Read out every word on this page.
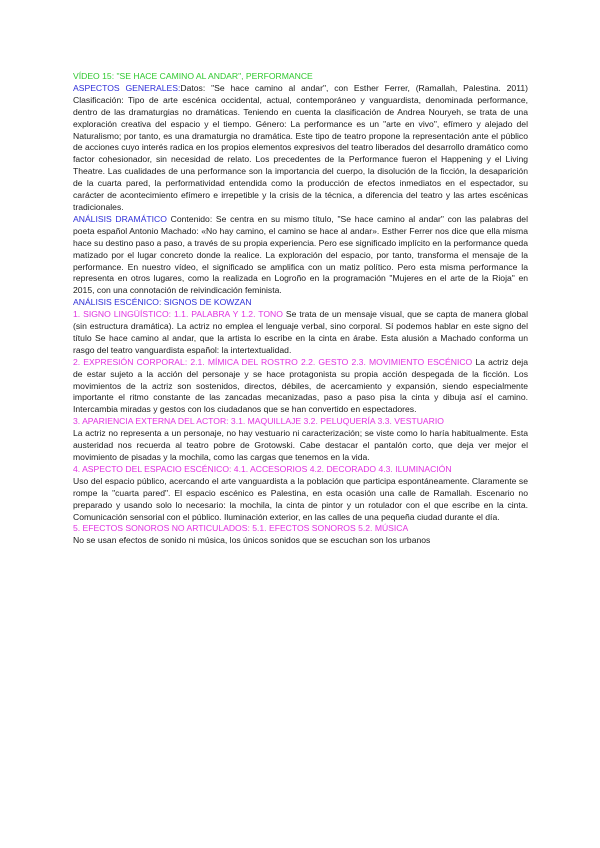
VÍDEO 15: "SE HACE CAMINO AL ANDAR", PERFORMANCE

ASPECTOS GENERALES:Datos: "Se hace camino al andar", con Esther Ferrer, (Ramallah, Palestina. 2011) Clasificación: Tipo de arte escénica occidental, actual, contemporáneo y vanguardista, denominada performance, dentro de las dramaturgias no dramáticas. Teniendo en cuenta la clasificación de Andrea Nouryeh, se trata de una exploración creativa del espacio y el tiempo. Género: La performance es un "arte en vivo", efímero y alejado del Naturalismo; por tanto, es una dramaturgia no dramática. Este tipo de teatro propone la representación ante el público de acciones cuyo interés radica en los propios elementos expresivos del teatro liberados del desarrollo dramático como factor cohesionador, sin necesidad de relato. Los precedentes de la Performance fueron el Happening y el Living Theatre. Las cualidades de una performance son la importancia del cuerpo, la disolución de la ficción, la desaparición de la cuarta pared, la performatividad entendida como la producción de efectos inmediatos en el espectador, su carácter de acontecimiento efímero e irrepetible y la crisis de la técnica, a diferencia del teatro y las artes escénicas tradicionales.

ANÁLISIS DRAMÁTICO Contenido: Se centra en su mismo título, "Se hace camino al andar" con las palabras del poeta español Antonio Machado: «No hay camino, el camino se hace al andar». Esther Ferrer nos dice que ella misma hace su destino paso a paso, a través de su propia experiencia. Pero ese significado implícito en la performance queda matizado por el lugar concreto donde la realice. La exploración del espacio, por tanto, transforma el mensaje de la performance. En nuestro vídeo, el significado se amplifica con un matiz político. Pero esta misma performance la representa en otros lugares, como la realizada en Logroño en la programación "Mujeres en el arte de la Rioja" en 2015, con una connotación de reivindicación feminista.

ANÁLISIS ESCÉNICO: SIGNOS DE KOWZAN

1. SIGNO LINGÜÍSTICO: 1.1. PALABRA Y 1.2. TONO Se trata de un mensaje visual, que se capta de manera global (sin estructura dramática). La actriz no emplea el lenguaje verbal, sino corporal. Sí podemos hablar en este signo del título Se hace camino al andar, que la artista lo escribe en la cinta en árabe. Esta alusión a Machado conforma un rasgo del teatro vanguardista español: la intertextualidad.

2. EXPRESIÓN CORPORAL: 2.1. MÍMICA DEL ROSTRO 2.2. GESTO 2.3. MOVIMIENTO ESCÉNICO La actriz deja de estar sujeto a la acción del personaje y se hace protagonista su propia acción despegada de la ficción. Los movimientos de la actriz son sostenidos, directos, débiles, de acercamiento y expansión, siendo especialmente importante el ritmo constante de las zancadas mecanizadas, paso a paso pisa la cinta y dibuja así el camino. Intercambia miradas y gestos con los ciudadanos que se han convertido en espectadores.

3. APARIENCIA EXTERNA DEL ACTOR: 3.1. MAQUILLAJE 3.2. PELUQUERÍA 3.3. VESTUARIO
La actriz no representa a un personaje, no hay vestuario ni caracterización; se viste como lo haría habitualmente. Esta austeridad nos recuerda al teatro pobre de Grotowski. Cabe destacar el pantalón corto, que deja ver mejor el movimiento de pisadas y la mochila, como las cargas que tenemos en la vida.

4. ASPECTO DEL ESPACIO ESCÉNICO: 4.1. ACCESORIOS 4.2. DECORADO 4.3. ILUMINACIÓN
Uso del espacio público, acercando el arte vanguardista a la población que participa espontáneamente. Claramente se rompe la "cuarta pared". El espacio escénico es Palestina, en esta ocasión una calle de Ramallah. Escenario no preparado y usando solo lo necesario: la mochila, la cinta de pintor y un rotulador con el que escribe en la cinta. Comunicación sensorial con el público. Iluminación exterior, en las calles de una pequeña ciudad durante el día.

5. EFECTOS SONOROS NO ARTICULADOS: 5.1. EFECTOS SONOROS 5.2. MÚSICA
No se usan efectos de sonido ni música, los únicos sonidos que se escuchan son los urbanos
